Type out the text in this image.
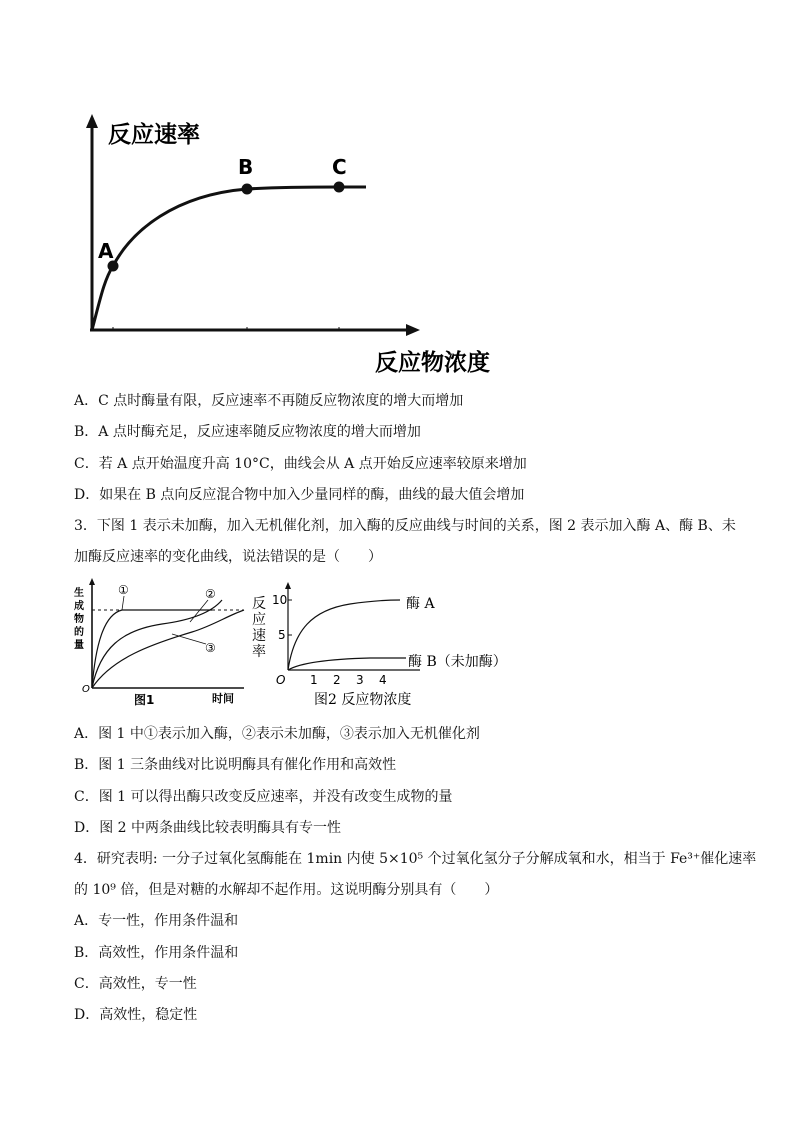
A
B	C
反应速率
反应物浓度
A．C 点时酶量有限，反应速率不再随反应物浓度的增大而增加
B．A 点时酶充足，反应速率随反应物浓度的增大而增加
C．若 A 点开始温度升高 10°C，曲线会从 A 点开始反应速率较原来增加
D．如果在 B 点向反应混合物中加入少量同样的酶，曲线的最大值会增加
3．下图 1 表示未加酶，加入无机催化剂，加入酶的反应曲线与时间的关系，图 2 表示加入酶 A、酶 B、未
加酶反应速率的变化曲线，说法错误的是（　　）
生
成
物
的
量
①	②
③
O
图1	时间
反
应
速
率
10
5
1 2 3 4
O
酶 A
酶 B（未加酶）
图2 反应物浓度
A．图 1 中①表示加入酶，②表示未加酶，③表示加入无机催化剂
B．图 1 三条曲线对比说明酶具有催化作用和高效性
C．图 1 可以得出酶只改变反应速率，并没有改变生成物的量
D．图 2 中两条曲线比较表明酶具有专一性
4．研究表明: 一分子过氧化氢酶能在 1min 内使 5×10⁵ 个过氧化氢分子分解成氧和水，相当于 Fe³⁺催化速率
的 10⁹ 倍，但是对糖的水解却不起作用。这说明酶分别具有（　　）
A．专一性，作用条件温和
B．高效性，作用条件温和
C．高效性，专一性
D．高效性，稳定性
